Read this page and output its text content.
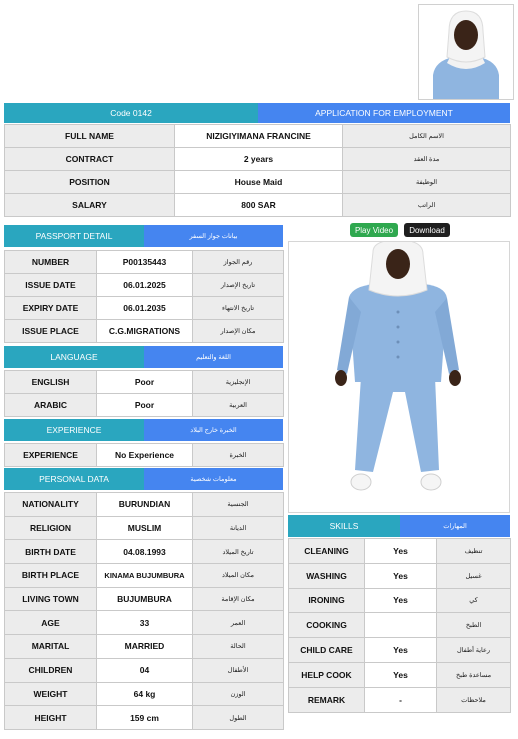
Code 0142	APPLICATION FOR EMPLOYMENT
FULL NAME	NIZIGIYIMANA FRANCINE	الاسم الكامل
CONTRACT	2 years	مدة العقد
POSITION	House Maid	الوظيفة
SALARY	800 SAR	الراتب
Play Video	Download
PASSPORT DETAIL	بيانات جواز السفر
NUMBER	P00135443	رقم الجواز
ISSUE DATE	06.01.2025	تاريخ الإصدار
EXPIRY DATE	06.01.2035	تاريخ الانتهاء
ISSUE PLACE	C.G.MIGRATIONS	مكان الإصدار
LANGUAGE	اللغة والتعليم
ENGLISH	Poor	الإنجليزية
ARABIC	Poor	العربية
EXPERIENCE	الخبرة خارج البلاد
EXPERIENCE	No Experience	الخبرة
PERSONAL DATA	معلومات شخصية
NATIONALITY	BURUNDIAN	الجنسية
RELIGION	MUSLIM	الديانة
BIRTH DATE	04.08.1993	تاريخ الميلاد
BIRTH PLACE	KINAMA BUJUMBURA	مكان الميلاد
LIVING TOWN	BUJUMBURA	مكان الإقامة
AGE	33	العمر
MARITAL	MARRIED	الحالة
CHILDREN	04	الأطفال
WEIGHT	64 kg	الوزن
HEIGHT	159 cm	الطول
SKILLS	المهارات
CLEANING	Yes	تنظيف
WASHING	Yes	غسيل
IRONING	Yes	كي
COOKING		الطبخ
CHILD CARE	Yes	رعاية أطفال
HELP COOK	Yes	مساعدة طبخ
REMARK	-	ملاحظات
